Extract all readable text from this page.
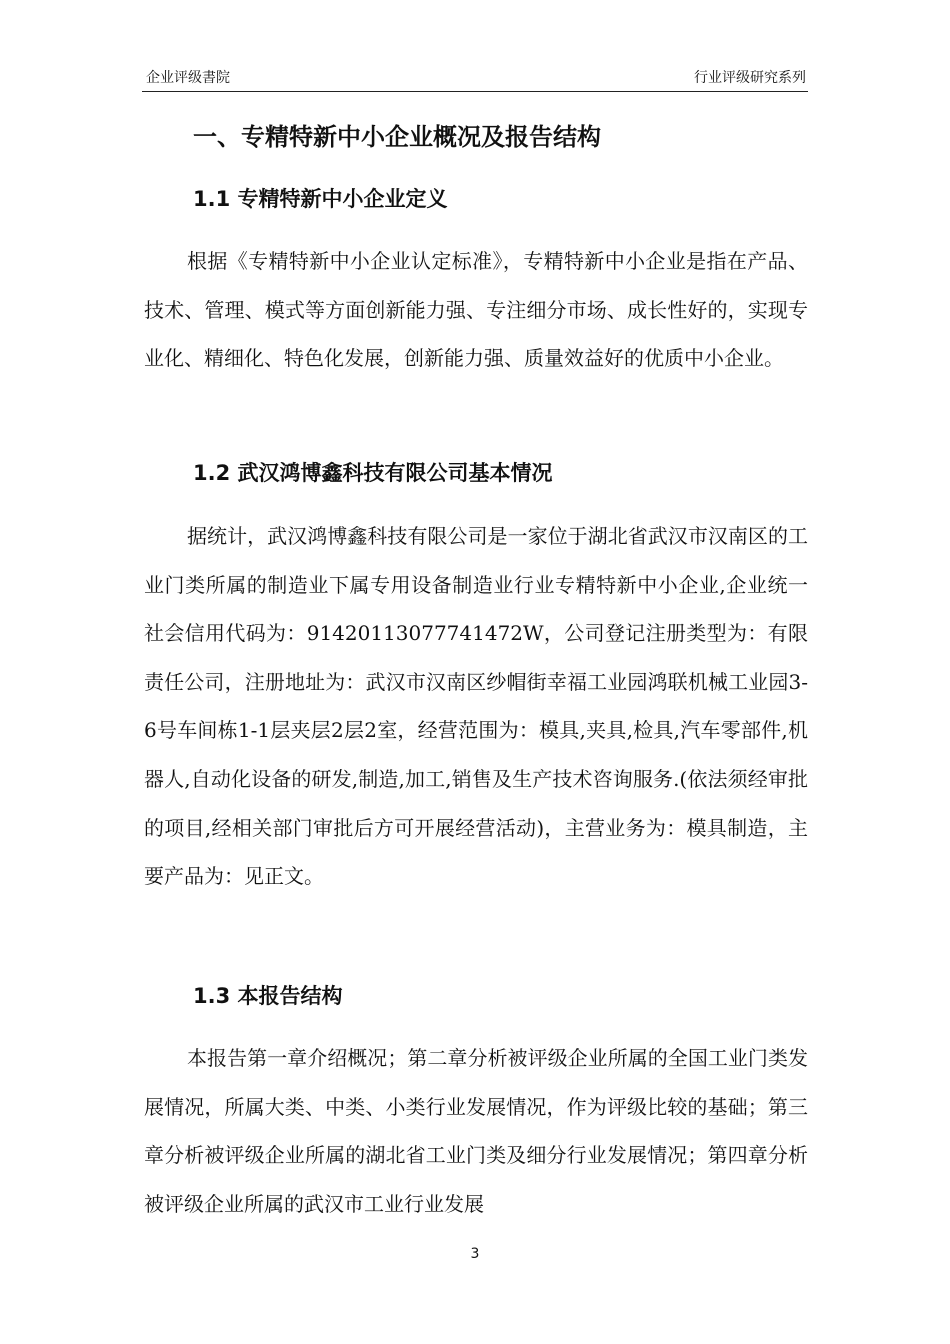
企业评级書院	行业评级研究系列
一、专精特新中小企业概况及报告结构
1.1 专精特新中小企业定义

根据《专精特新中小企业认定标准》，专精特新中小企业是指在产品、技术、管理、模式等方面创新能力强、专注细分市场、成长性好的，实现专业化、精细化、特色化发展，创新能力强、质量效益好的优质中小企业。

1.2 武汉鸿博鑫科技有限公司基本情况

据统计，武汉鸿博鑫科技有限公司是一家位于湖北省武汉市汉南区的工业门类所属的制造业下属专用设备制造业行业专精特新中小企业,企业统一社会信用代码为：91420113077741472W，公司登记注册类型为：有限责任公司，注册地址为：武汉市汉南区纱帽街幸福工业园鸿联机械工业园3-6号车间栋1-1层夹层2层2室，经营范围为：模具,夹具,检具,汽车零部件,机器人,自动化设备的研发,制造,加工,销售及生产技术咨询服务.(依法须经审批的项目,经相关部门审批后方可开展经营活动)，主营业务为：模具制造，主要产品为：见正文。

1.3 本报告结构

本报告第一章介绍概况；第二章分析被评级企业所属的全国工业门类发展情况，所属大类、中类、小类行业发展情况，作为评级比较的基础；第三章分析被评级企业所属的湖北省工业门类及细分行业发展情况；第四章分析被评级企业所属的武汉市工业行业发展

3
